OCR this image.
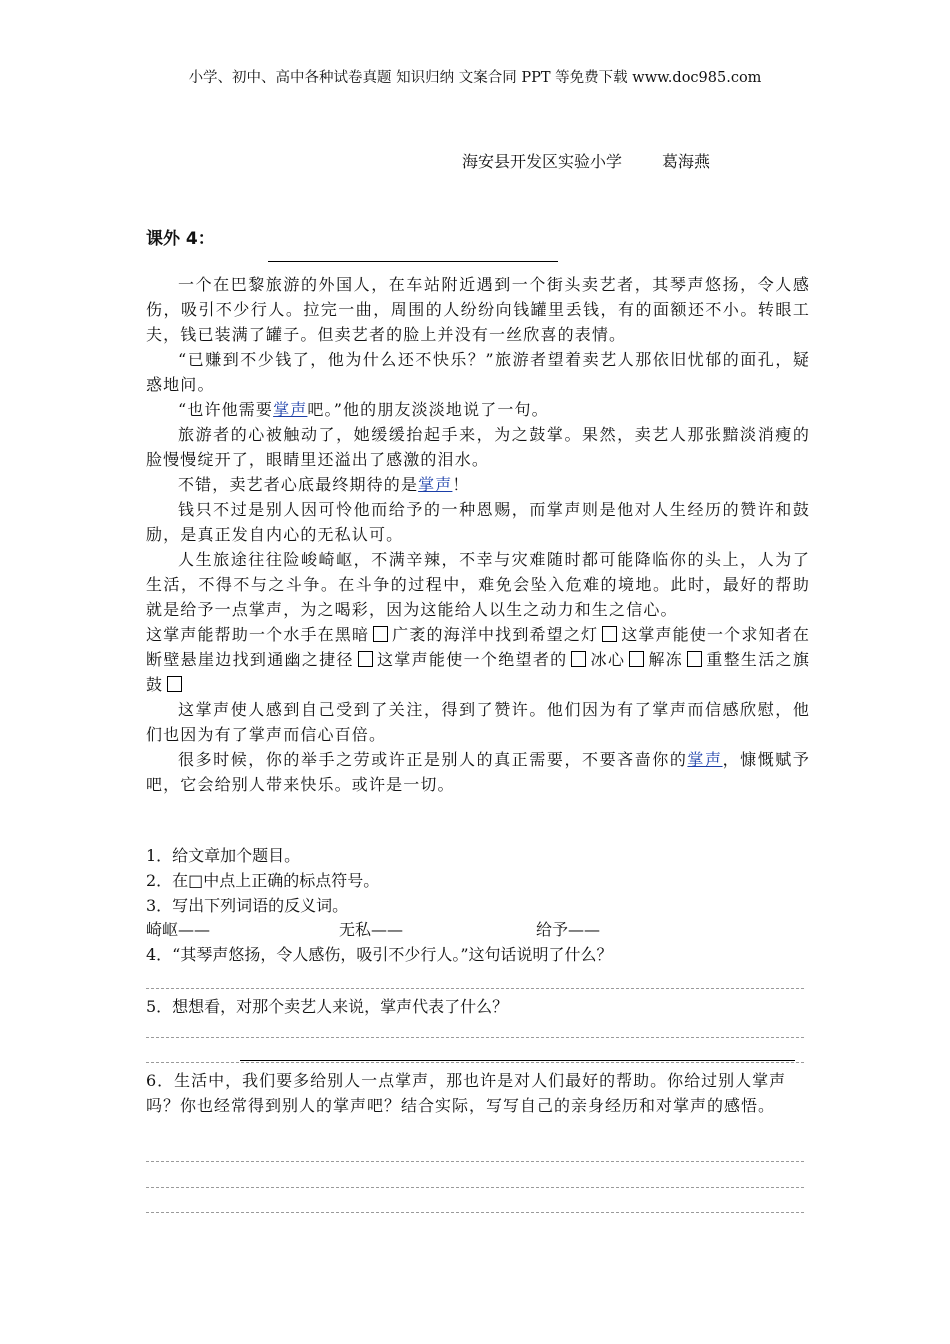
小学、初中、高中各种试卷真题 知识归纳 文案合同 PPT 等免费下载 www.doc985.com
海安县开发区实验小学	葛海燕
课外 4：

一个在巴黎旅游的外国人，在车站附近遇到一个街头卖艺者，其琴声悠扬，令人感伤，吸引不少行人。拉完一曲，周围的人纷纷向钱罐里丢钱，有的面额还不小。转眼工夫，钱已装满了罐子。但卖艺者的脸上并没有一丝欣喜的表情。

“已赚到不少钱了，他为什么还不快乐？”旅游者望着卖艺人那依旧忧郁的面孔，疑惑地问。

“也许他需要掌声吧。”他的朋友淡淡地说了一句。

旅游者的心被触动了，她缓缓抬起手来，为之鼓掌。果然，卖艺人那张黯淡消瘦的脸慢慢绽开了，眼睛里还溢出了感激的泪水。

不错，卖艺者心底最终期待的是掌声！

钱只不过是别人因可怜他而给予的一种恩赐，而掌声则是他对人生经历的赞许和鼓励，是真正发自内心的无私认可。

人生旅途往往险峻崎岖，不满辛辣，不幸与灾难随时都可能降临你的头上，人为了生活，不得不与之斗争。在斗争的过程中，难免会坠入危难的境地。此时，最好的帮助就是给予一点掌声，为之喝彩，因为这能给人以生之动力和生之信心。

这掌声能帮助一个水手在黑暗 广袤的海洋中找到希望之灯 这掌声能使一个求知者在断壁悬崖边找到通幽之捷径 这掌声能使一个绝望者的 冰心 解冻 重整生活之旗鼓

这掌声使人感到自己受到了关注，得到了赞许。他们因为有了掌声而信感欣慰，他们也因为有了掌声而信心百倍。

很多时候，你的举手之劳或许正是别人的真正需要，不要吝啬你的掌声，慷慨赋予吧，它会给别人带来快乐。或许是一切。

1．给文章加个题目。
2．在□中点上正确的标点符号。
3．写出下列词语的反义词。
崎岖——	无私——	给予——
4．“其琴声悠扬，令人感伤，吸引不少行人。”这句话说明了什么？
5．想想看，对那个卖艺人来说，掌声代表了什么？
6．生活中，我们要多给别人一点掌声，那也许是对人们最好的帮助。你给过别人掌声吗？你也经常得到别人的掌声吧？结合实际，写写自己的亲身经历和对掌声的感悟。
